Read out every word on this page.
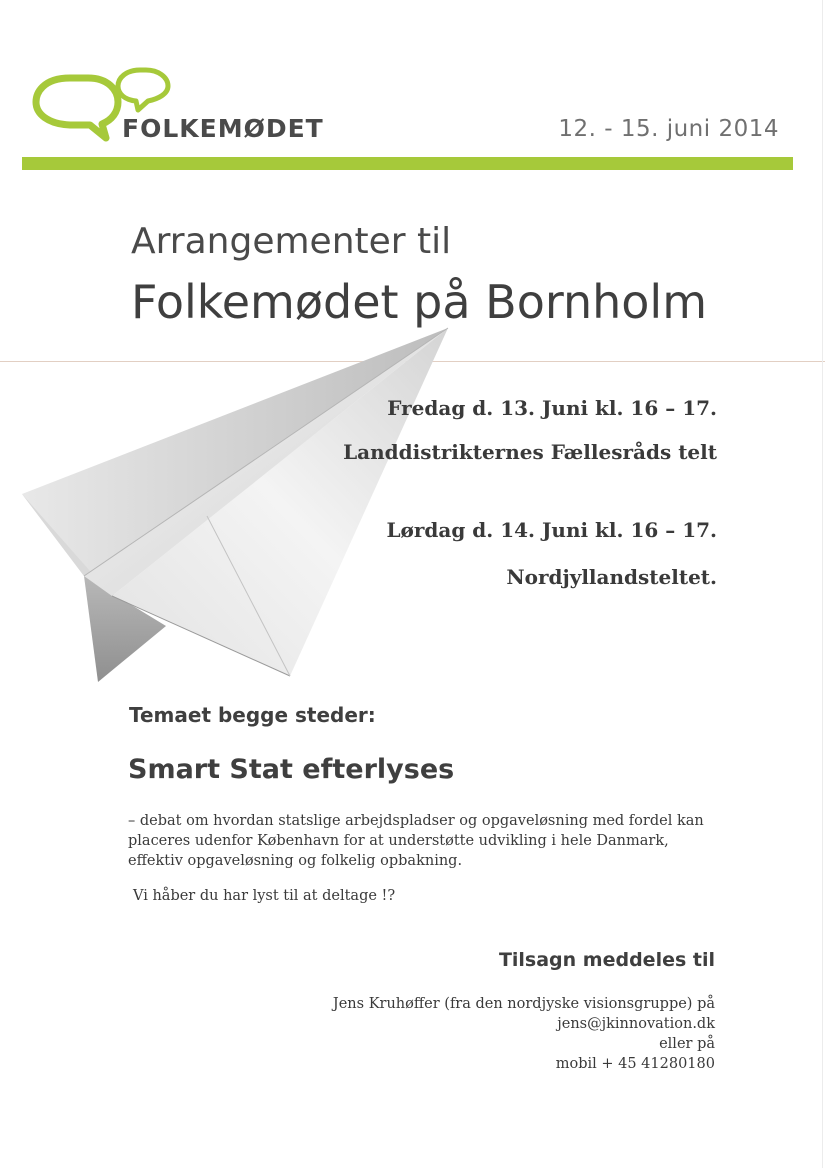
FOLKEMØDET	12. - 15. juni 2014
Arrangementer til
Folkemødet på Bornholm
Fredag d. 13. Juni kl. 16 – 17.
Landdistrikternes Fællesråds telt
Lørdag d. 14. Juni kl. 16 – 17.
Nordjyllandsteltet.
Temaet begge steder:
Smart Stat efterlyses
– debat om hvordan statslige arbejdspladser og opgaveløsning med fordel kan placeres udenfor København for at understøtte udvikling i hele Danmark, effektiv opgaveløsning og folkelig opbakning.
Vi håber du har lyst til at deltage !?
Tilsagn meddeles til
Jens Kruhøffer (fra den nordjyske visionsgruppe) på
jens@jkinnovation.dk
eller på
mobil + 45 41280180
